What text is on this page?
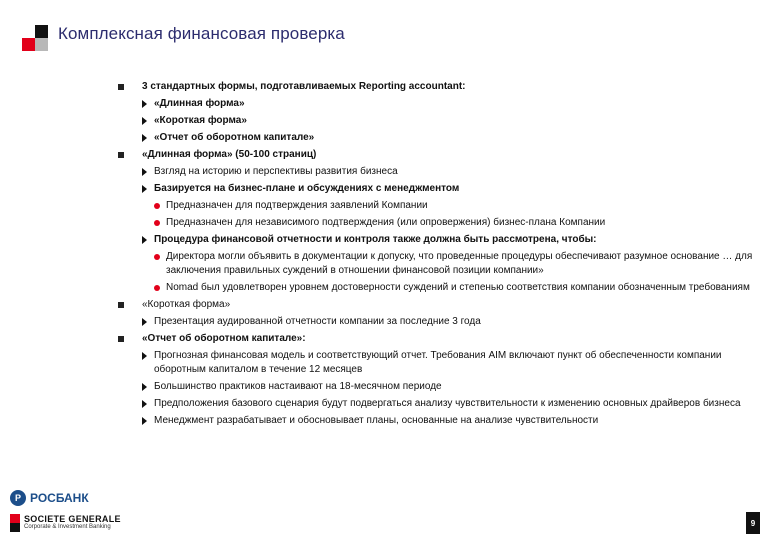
Комплексная финансовая проверка
3 стандартных формы, подготавливаемых Reporting accountant:
«Длинная форма»
«Короткая форма»
«Отчет об оборотном капитале»
«Длинная форма» (50-100 страниц)
Взгляд на историю и перспективы развития бизнеса
Базируется на бизнес-плане и обсуждениях с менеджментом
Предназначен для подтверждения заявлений Компании
Предназначен для независимого подтверждения (или опровержения) бизнес-плана Компании
Процедура финансовой отчетности и контроля также должна быть рассмотрена, чтобы:
Директора могли объявить в документации к допуску, что проведенные процедуры обеспечивают разумное основание … для заключения правильных суждений в отношении финансовой позиции компании»
Nomad был удовлетворен уровнем достоверности суждений и степенью соответствия компании обозначенным требованиям
«Короткая форма»
Презентация аудированной отчетности компании за последние 3 года
«Отчет об оборотном капитале»:
Прогнозная финансовая модель и соответствующий отчет. Требования AIM включают пункт об обеспеченности компании оборотным капиталом в течение 12 месяцев
Большинство практиков настаивают на 18-месячном периоде
Предположения базового сценария будут подвергаться анализу чувствительности к изменению основных драйверов бизнеса
Менеджмент разрабатывает и обосновывает планы, основанные на анализе чувствительности
Р РОСБАНК
SOCIETE GENERALE
Corporate & Investment Banking	9
